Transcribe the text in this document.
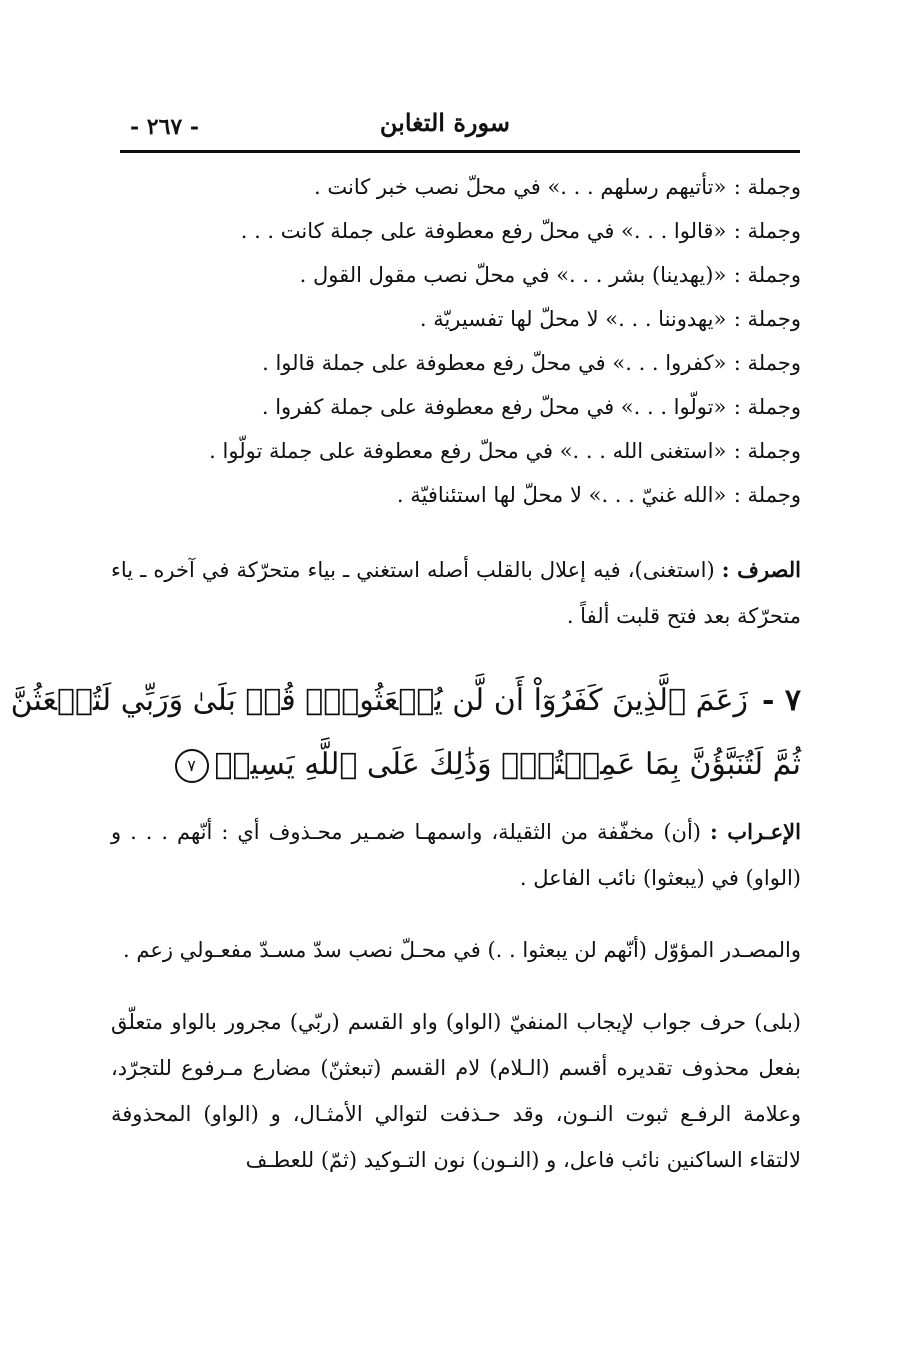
سورة التغابن
- ٢٦٧ -
وجملة : «تأتيهم رسلهم . . .» في محلّ نصب خبر كانت .
وجملة : «قالوا . . .» في محلّ رفع معطوفة على جملة كانت . . .
وجملة : «(يهدينا) بشر . . .» في محلّ نصب مقول القول .
وجملة : «يهدوننا . . .» لا محلّ لها تفسيريّة .
وجملة : «كفروا . . .» في محلّ رفع معطوفة على جملة قالوا .
وجملة : «تولّوا . . .» في محلّ رفع معطوفة على جملة كفروا .
وجملة : «استغنى الله . . .» في محلّ رفع معطوفة على جملة تولّوا .
وجملة : «الله غنيّ . . .» لا محلّ لها استئنافيّة .

الصرف : (استغنى)، فيه إعلال بالقلب أصله استغني ـ بياء متحرّكة في آخره ـ ياء متحرّكة بعد فتح قلبت ألفاً .

٧ -زَعَمَ ٱلَّذِينَ كَفَرُوٓاْ أَن لَّن يُبۡعَثُواْۚ قُلۡ بَلَىٰ وَرَبِّي لَتُبۡعَثُنَّ
ثُمَّ لَتُنَبَّؤُنَّ بِمَا عَمِلۡتُمۡۚ وَذَٰلِكَ عَلَى ٱللَّهِ يَسِيرٞ٧

الإعـراب : (أن) مخفّفة من الثقيلة، واسمهـا ضمـير محـذوف أي : أنّهم . . . و (الواو) في (يبعثوا) نائب الفاعل .

والمصـدر المؤوّل (أنّهم لن يبعثوا . .) في محـلّ نصب سدّ مسـدّ مفعـولي زعم .

(بلى) حرف جواب لإيجاب المنفيّ (الواو) واو القسم (ربّي) مجرور بالواو متعلّق بفعل محذوف تقديره أقسم (الـلام) لام القسم (تبعثنّ) مضارع مـرفوع للتجرّد، وعلامة الرفـع ثبوت النـون، وقد حـذفت لتوالي الأمثـال، و (الواو) المحذوفة لالتقاء الساكنين نائب فاعل، و (النـون) نون التـوكيد (ثمّ) للعطـف
